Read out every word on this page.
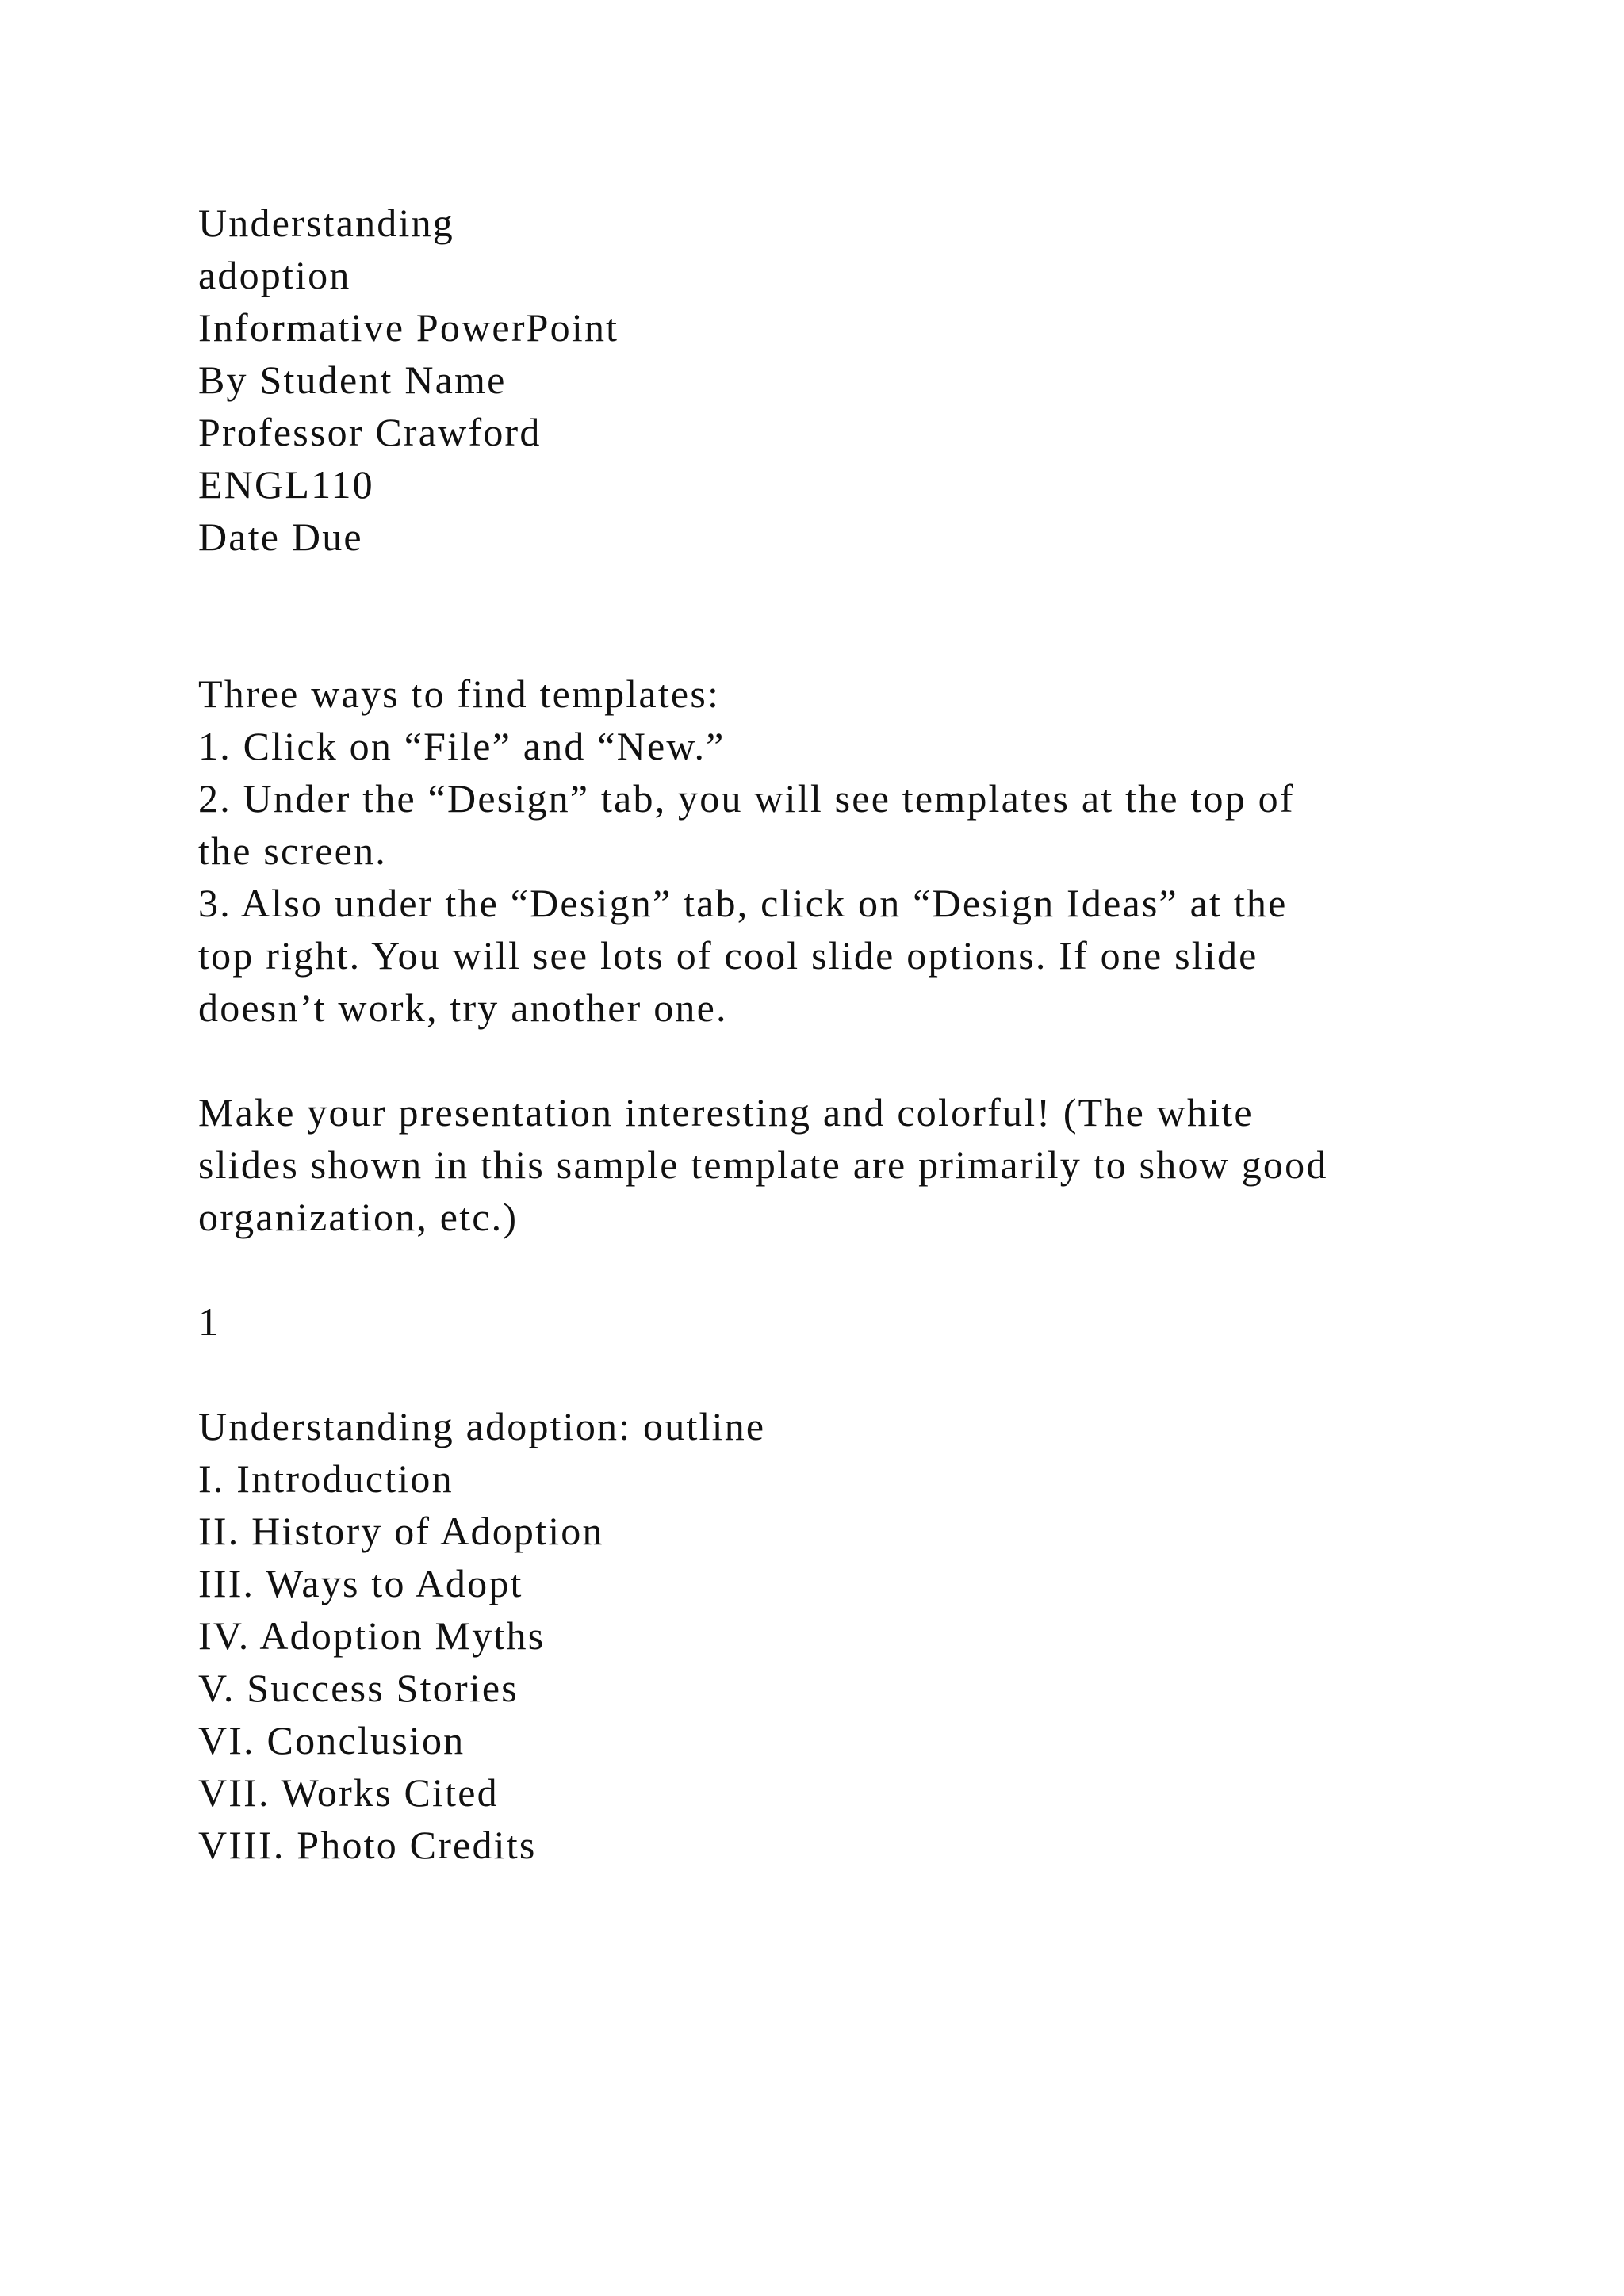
Understanding
adoption
Informative PowerPoint
By Student Name
Professor Crawford
ENGL110
Date Due
Three ways to find templates:
1. Click on “File” and “New.”
2. Under the “Design” tab, you will see templates at the top of
the screen.
3. Also under the “Design” tab, click on “Design Ideas” at the
top right. You will see lots of cool slide options. If one slide
doesn’t work, try another one.
Make your presentation interesting and colorful! (The white
slides shown in this sample template are primarily to show good
organization, etc.)
1
Understanding adoption: outline
I. Introduction
II. History of Adoption
III. Ways to Adopt
IV. Adoption Myths
V. Success Stories
VI. Conclusion
VII. Works Cited
VIII. Photo Credits
